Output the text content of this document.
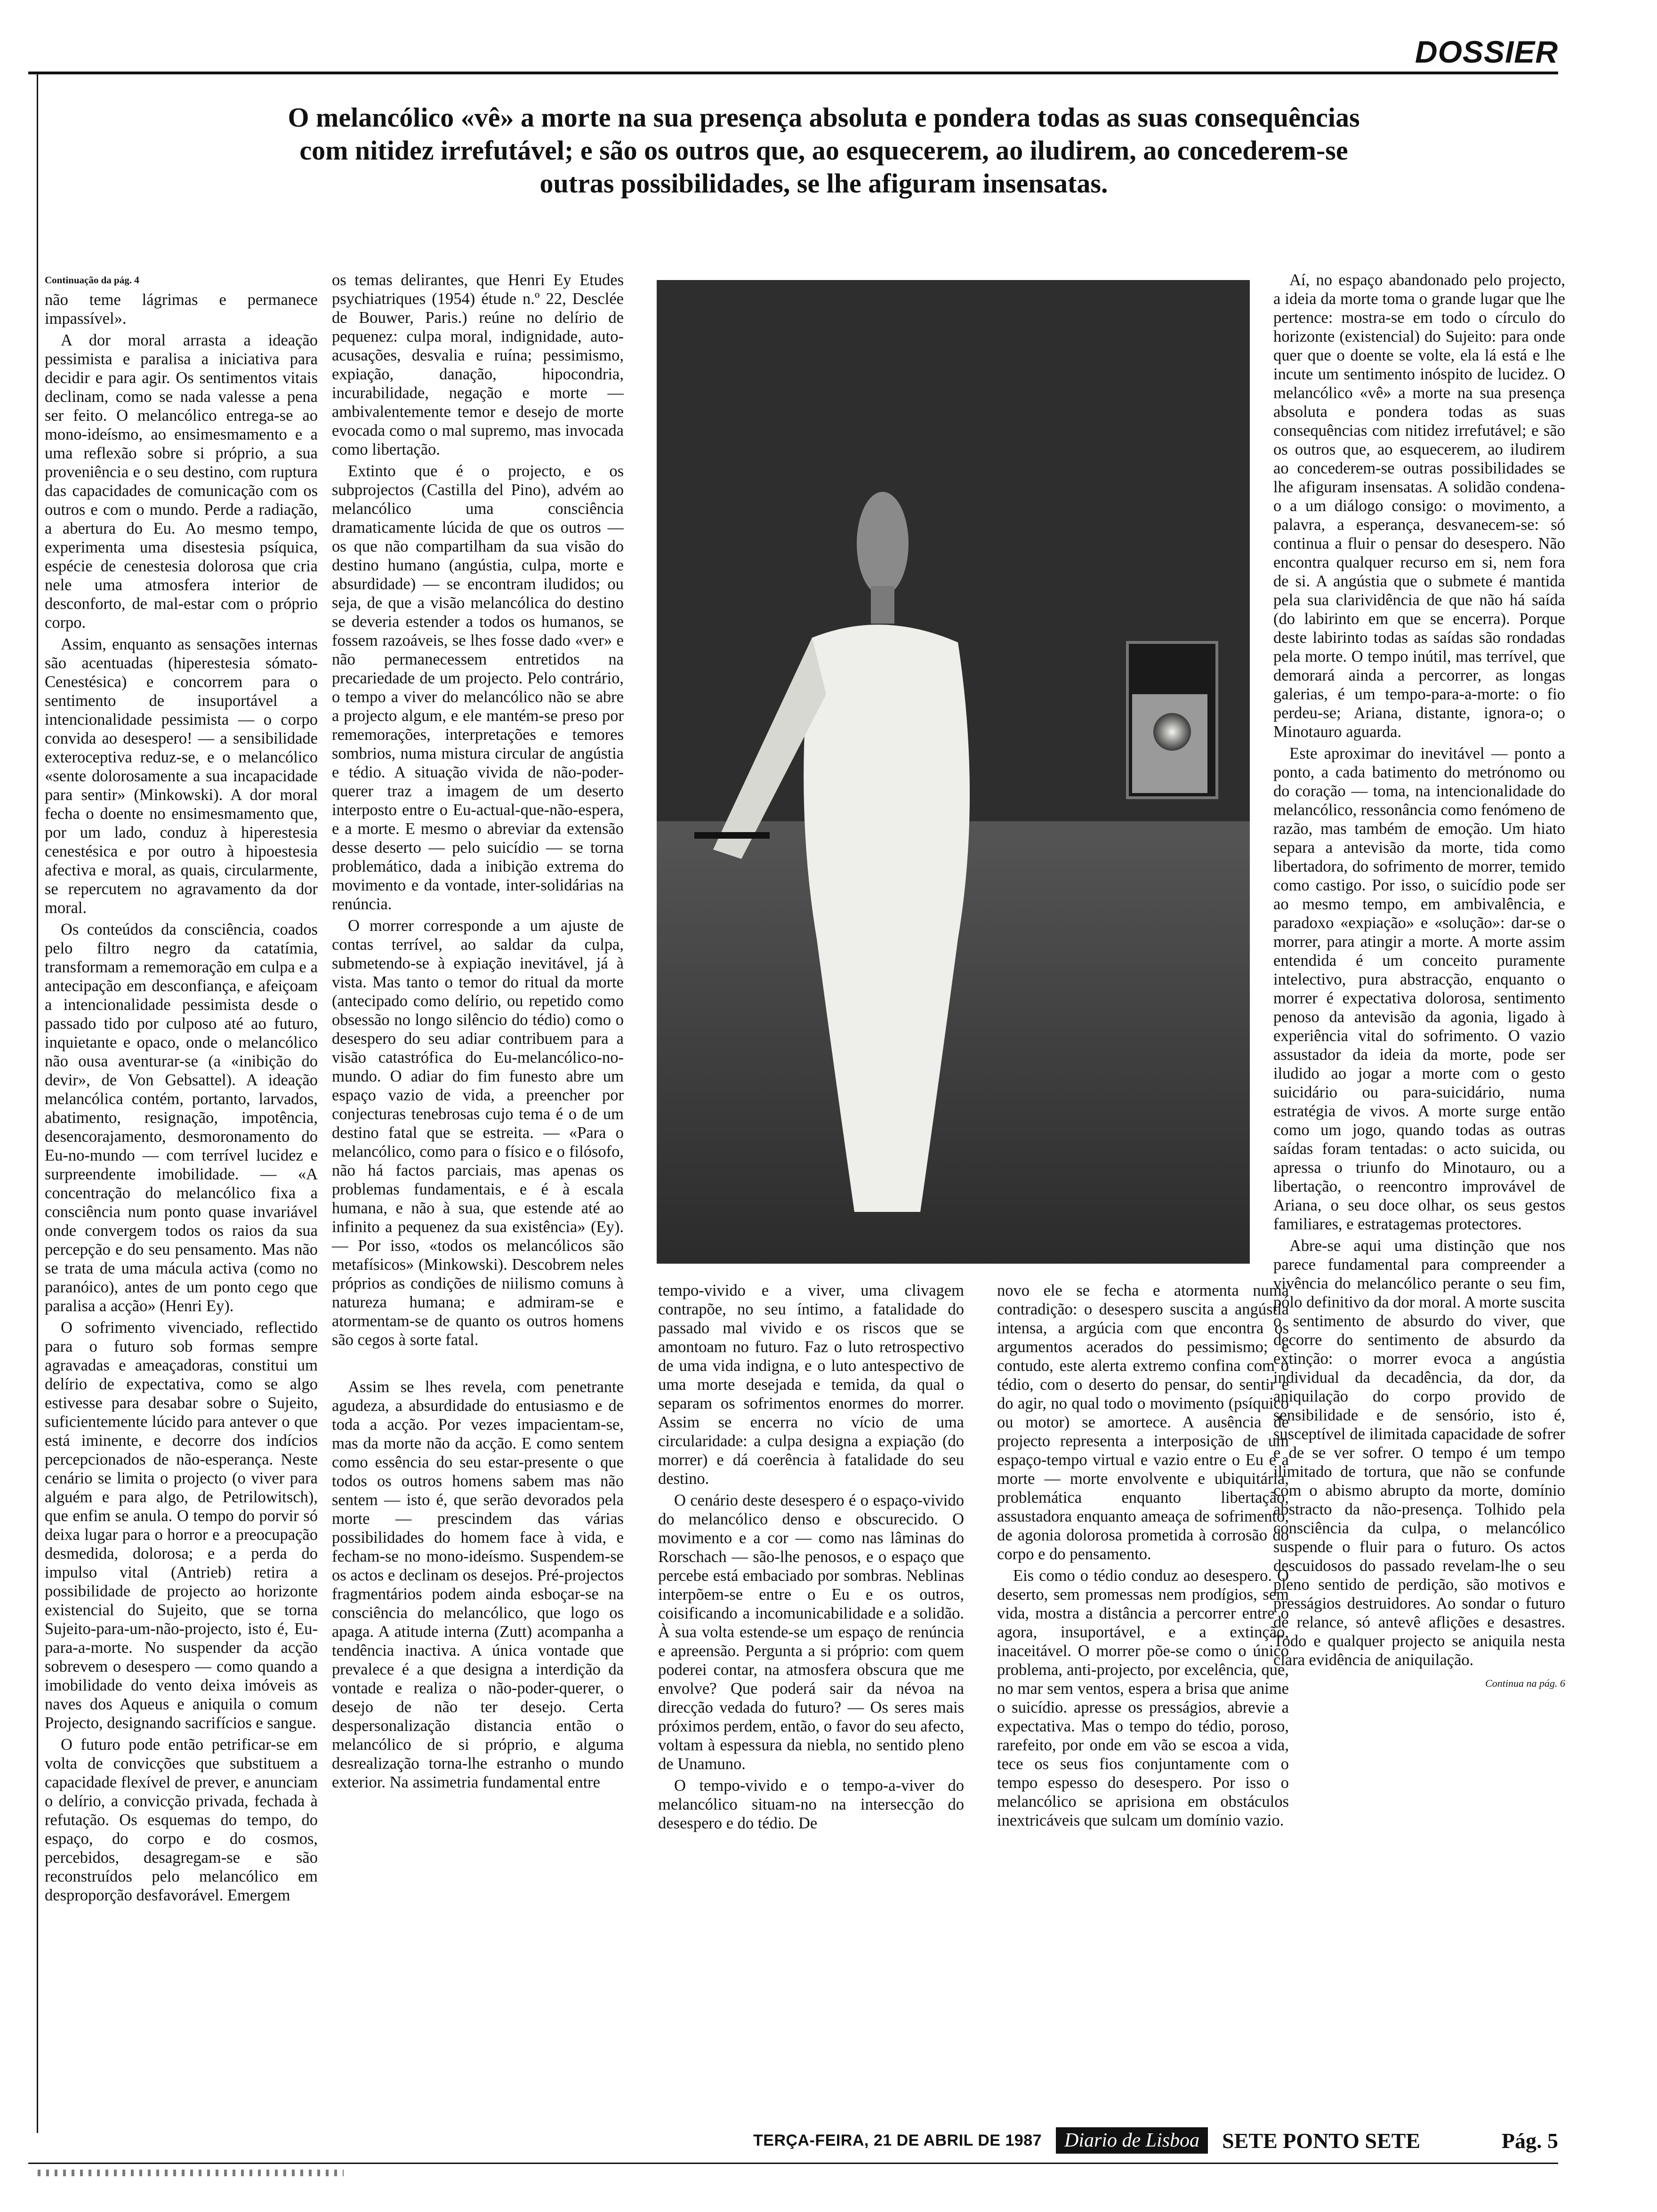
DOSSIER

O melancólico «vê» a morte na sua presença absoluta e pondera todas as suas consequências com nitidez irrefutável; e são os outros que, ao esquecerem, ao iludirem, ao concederem-se outras possibilidades, se lhe afiguram insensatas.

Continuação da pág. 4

não teme lágrimas e permanece impassível».

A dor moral arrasta a ideação pessimista e paralisa a iniciativa para decidir e para agir. Os sentimentos vitais declinam, como se nada valesse a pena ser feito. O melancólico entrega-se ao mono-ideísmo, ao ensimesmamento e a uma reflexão sobre si próprio, a sua proveniência e o seu destino, com ruptura das capacidades de comunicação com os outros e com o mundo. Perde a radiação, a abertura do Eu. Ao mesmo tempo, experimenta uma disestesia psíquica, espécie de cenestesia dolorosa que cria nele uma atmosfera interior de desconforto, de mal-estar com o próprio corpo.

Assim, enquanto as sensações internas são acentuadas (hiperestesia sómato-Cenestésica) e concorrem para o sentimento de insuportável a intencionalidade pessimista — o corpo convida ao desespero! — a sensibilidade exteroceptiva reduz-se, e o melancólico «sente dolorosamente a sua incapacidade para sentir» (Minkowski). A dor moral fecha o doente no ensimesmamento que, por um lado, conduz à hiperestesia cenestésica e por outro à hipoestesia afectiva e moral, as quais, circularmente, se repercutem no agravamento da dor moral.

Os conteúdos da consciência, coados pelo filtro negro da catatímia, transformam a rememoração em culpa e a antecipação em desconfiança, e afeiçoam a intencionalidade pessimista desde o passado tido por culposo até ao futuro, inquietante e opaco, onde o melancólico não ousa aventurar-se (a «inibição do devir», de Von Gebsattel). A ideação melancólica contém, portanto, larvados, abatimento, resignação, impotência, desencorajamento, desmoronamento do Eu-no-mundo — com terrível lucidez e surpreendente imobilidade. — «A concentração do melancólico fixa a consciência num ponto quase invariável onde convergem todos os raios da sua percepção e do seu pensamento. Mas não se trata de uma mácula activa (como no paranóico), antes de um ponto cego que paralisa a acção» (Henri Ey).

O sofrimento vivenciado, reflectido para o futuro sob formas sempre agravadas e ameaçadoras, constitui um delírio de expectativa, como se algo estivesse para desabar sobre o Sujeito, suficientemente lúcido para antever o que está iminente, e decorre dos indícios percepcionados de não-esperança. Neste cenário se limita o projecto (o viver para alguém e para algo, de Petrilowitsch), que enfim se anula. O tempo do porvir só deixa lugar para o horror e a preocupação desmedida, dolorosa; e a perda do impulso vital (Antrieb) retira a possibilidade de projecto ao horizonte existencial do Sujeito, que se torna Sujeito-para-um-não-projecto, isto é, Eu-para-a-morte. No suspender da acção sobrevem o desespero — como quando a imobilidade do vento deixa imóveis as naves dos Aqueus e aniquila o comum Projecto, designando sacrifícios e sangue.

O futuro pode então petrificar-se em volta de convicções que substituem a capacidade flexível de prever, e anunciam o delírio, a convicção privada, fechada à refutação. Os esquemas do tempo, do espaço, do corpo e do cosmos, percebidos, desagregam-se e são reconstruídos pelo melancólico em desproporção desfavorável. Emergem

os temas delirantes, que Henri Ey Etudes psychiatriques (1954) étude n.º 22, Desclée de Bouwer, Paris.) reúne no delírio de pequenez: culpa moral, indignidade, auto-acusações, desvalia e ruína; pessimismo, expiação, danação, hipocondria, incurabilidade, negação e morte — ambivalentemente temor e desejo de morte evocada como o mal supremo, mas invocada como libertação.

Extinto que é o projecto, e os subprojectos (Castilla del Pino), advém ao melancólico uma consciência dramaticamente lúcida de que os outros — os que não compartilham da sua visão do destino humano (angústia, culpa, morte e absurdidade) — se encontram iludidos; ou seja, de que a visão melancólica do destino se deveria estender a todos os humanos, se fossem razoáveis, se lhes fosse dado «ver» e não permanecessem entretidos na precariedade de um projecto. Pelo contrário, o tempo a viver do melancólico não se abre a projecto algum, e ele mantém-se preso por rememorações, interpretações e temores sombrios, numa mistura circular de angústia e tédio. A situação vivida de não-poder-querer traz a imagem de um deserto interposto entre o Eu-actual-que-não-espera, e a morte. E mesmo o abreviar da extensão desse deserto — pelo suicídio — se torna problemático, dada a inibição extrema do movimento e da vontade, inter-solidárias na renúncia.

O morrer corresponde a um ajuste de contas terrível, ao saldar da culpa, submetendo-se à expiação inevitável, já à vista. Mas tanto o temor do ritual da morte (antecipado como delírio, ou repetido como obsessão no longo silêncio do tédio) como o desespero do seu adiar contribuem para a visão catastrófica do Eu-melancólico-no-mundo. O adiar do fim funesto abre um espaço vazio de vida, a preencher por conjecturas tenebrosas cujo tema é o de um destino fatal que se estreita. — «Para o melancólico, como para o físico e o filósofo, não há factos parciais, mas apenas os problemas fundamentais, e é à escala humana, e não à sua, que estende até ao infinito a pequenez da sua existência» (Ey). — Por isso, «todos os melancólicos são metafísicos» (Minkowski). Descobrem neles próprios as condições de niilismo comuns à natureza humana; e admiram-se e atormentam-se de quanto os outros homens são cegos à sorte fatal.

Assim se lhes revela, com penetrante agudeza, a absurdidade do entusiasmo e de toda a acção. Por vezes impacientam-se, mas da morte não da acção. E como sentem como essência do seu estar-presente o que todos os outros homens sabem mas não sentem — isto é, que serão devorados pela morte — prescindem das várias possibilidades do homem face à vida, e fecham-se no mono-ideísmo. Suspendem-se os actos e declinam os desejos. Pré-projectos fragmentários podem ainda esboçar-se na consciência do melancólico, que logo os apaga. A atitude interna (Zutt) acompanha a tendência inactiva. A única vontade que prevalece é a que designa a interdição da vontade e realiza o não-poder-querer, o desejo de não ter desejo. Certa despersonalização distancia então o melancólico de si próprio, e alguma desrealização torna-lhe estranho o mundo exterior. Na assimetria fundamental entre

tempo-vivido e a viver, uma clivagem contrapõe, no seu íntimo, a fatalidade do passado mal vivido e os riscos que se amontoam no futuro. Faz o luto retrospectivo de uma vida indigna, e o luto antespectivo de uma morte desejada e temida, da qual o separam os sofrimentos enormes do morrer. Assim se encerra no vício de uma circularidade: a culpa designa a expiação (do morrer) e dá coerência à fatalidade do seu destino.

O cenário deste desespero é o espaço-vivido do melancólico denso e obscurecido. O movimento e a cor — como nas lâminas do Rorschach — são-lhe penosos, e o espaço que percebe está embaciado por sombras. Neblinas interpõem-se entre o Eu e os outros, coisificando a incomunicabilidade e a solidão. À sua volta estende-se um espaço de renúncia e apreensão. Pergunta a si próprio: com quem poderei contar, na atmosfera obscura que me envolve? Que poderá sair da névoa na direcção vedada do futuro? — Os seres mais próximos perdem, então, o favor do seu afecto, voltam à espessura da niebla, no sentido pleno de Unamuno.

O tempo-vivido e o tempo-a-viver do melancólico situam-no na intersecção do desespero e do tédio. De

novo ele se fecha e atormenta numa contradição: o desespero suscita a angústia intensa, a argúcia com que encontra os argumentos acerados do pessimismo; e contudo, este alerta extremo confina com o tédio, com o deserto do pensar, do sentir e do agir, no qual todo o movimento (psíquico ou motor) se amortece. A ausência de projecto representa a interposição de um espaço-tempo virtual e vazio entre o Eu e a morte — morte envolvente e ubiquitária, problemática enquanto libertação, assustadora enquanto ameaça de sofrimento, de agonia dolorosa prometida à corrosão do corpo e do pensamento.

Eis como o tédio conduz ao desespero. O deserto, sem promessas nem prodígios, sem vida, mostra a distância a percorrer entre o agora, insuportável, e a extinção, inaceitável. O morrer põe-se como o único problema, anti-projecto, por excelência, que, no mar sem ventos, espera a brisa que anime o suicídio. apresse os presságios, abrevie a expectativa. Mas o tempo do tédio, poroso, rarefeito, por onde em vão se escoa a vida, tece os seus fios conjuntamente com o tempo espesso do desespero. Por isso o melancólico se aprisiona em obstáculos inextricáveis que sulcam um domínio vazio.

Aí, no espaço abandonado pelo projecto, a ideia da morte toma o grande lugar que lhe pertence: mostra-se em todo o círculo do horizonte (existencial) do Sujeito: para onde quer que o doente se volte, ela lá está e lhe incute um sentimento inóspito de lucidez. O melancólico «vê» a morte na sua presença absoluta e pondera todas as suas consequências com nitidez irrefutável; e são os outros que, ao esquecerem, ao iludirem ao concederem-se outras possibilidades se lhe afiguram insensatas. A solidão condena-o a um diálogo consigo: o movimento, a palavra, a esperança, desvanecem-se: só continua a fluir o pensar do desespero. Não encontra qualquer recurso em si, nem fora de si. A angústia que o submete é mantida pela sua clarividência de que não há saída (do labirinto em que se encerra). Porque deste labirinto todas as saídas são rondadas pela morte. O tempo inútil, mas terrível, que demorará ainda a percorrer, as longas galerias, é um tempo-para-a-morte: o fio perdeu-se; Ariana, distante, ignora-o; o Minotauro aguarda.

Este aproximar do inevitável — ponto a ponto, a cada batimento do metrónomo ou do coração — toma, na intencionalidade do melancólico, ressonância como fenómeno de razão, mas também de emoção. Um hiato separa a antevisão da morte, tida como libertadora, do sofrimento de morrer, temido como castigo. Por isso, o suicídio pode ser ao mesmo tempo, em ambivalência, e paradoxo «expiação» e «solução»: dar-se o morrer, para atingir a morte. A morte assim entendida é um conceito puramente intelectivo, pura abstracção, enquanto o morrer é expectativa dolorosa, sentimento penoso da antevisão da agonia, ligado à experiência vital do sofrimento. O vazio assustador da ideia da morte, pode ser iludido ao jogar a morte com o gesto suicidário ou para-suicidário, numa estratégia de vivos. A morte surge então como um jogo, quando todas as outras saídas foram tentadas: o acto suicida, ou apressa o triunfo do Minotauro, ou a libertação, o reencontro improvável de Ariana, o seu doce olhar, os seus gestos familiares, e estratagemas protectores.

Abre-se aqui uma distinção que nos parece fundamental para compreender a vivência do melancólico perante o seu fim, pólo definitivo da dor moral. A morte suscita o sentimento de absurdo do viver, que decorre do sentimento de absurdo da extinção: o morrer evoca a angústia individual da decadência, da dor, da aniquilação do corpo provido de sensibilidade e de sensório, isto é, susceptível de ilimitada capacidade de sofrer e de se ver sofrer. O tempo é um tempo ilimitado de tortura, que não se confunde com o abismo abrupto da morte, domínio abstracto da não-presença. Tolhido pela consciência da culpa, o melancólico suspende o fluir para o futuro. Os actos descuidosos do passado revelam-lhe o seu pleno sentido de perdição, são motivos e presságios destruidores. Ao sondar o futuro de relance, só antevê aflições e desastres. Todo e qualquer projecto se aniquila nesta clara evidência de aniquilação.

Continua na pág. 6
TERÇA-FEIRA, 21 DE ABRIL DE 1987	Diario de Lisboa	SETE PONTO SETE	Pág. 5
